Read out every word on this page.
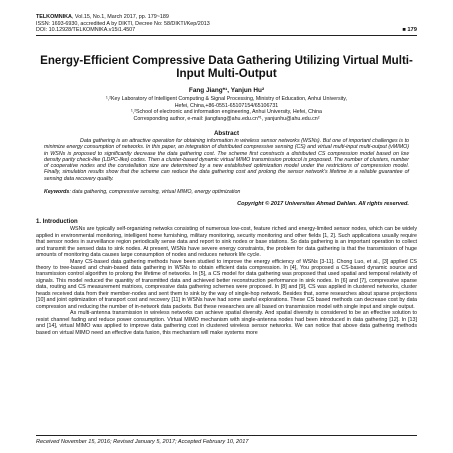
TELKOMNIKA, Vol.15, No.1, March 2017, pp. 179~189
ISSN: 1693-6930, accredited A by DIKTI, Decree No: 58/DIKTI/Kep/2013
DOI: 10.12928/TELKOMNIKA.v15i1.4507	■ 179
Energy-Efficient Compressive Data Gathering Utilizing Virtual Multi-Input Multi-Output
Fang Jiang*¹, Yanjun Hu²
¹,²Key Laboratory of Intelligent Computing & Signal Processing, Ministry of Education, Anhui University,
Hefei, China,+86-0551-65107154/65106731
¹,²School of electronic and information engineering, Anhui University, Hefei, China
Corresponding author, e-mail: jiangfang@ahu.edu.cn*¹, yanjunhu@ahu.edu.cn²
Abstract
Data gathering is an attractive operation for obtaining information in wireless sensor networks (WSNs). But one of important challenges is to minimize energy consumption of networks. In this paper, an integration of distributed compressive sensing (CS) and virtual multi-input multi-output (vMIMO) in WSNs is proposed to significantly decrease the data gathering cost. The scheme first constructs a distributed CS compression model based on low density parity check-like (LDPC-like) codes. Then a cluster-based dynamic virtual MIMO transmission protocol is proposed. The number of clusters, number of cooperative nodes and the constellation size are determined by a new established optimization model under the restrictions of compression model. Finally, simulation results show that the scheme can reduce the data gathering cost and prolong the sensor network's lifetime in a reliable guarantee of sensing data recovery quality.
Keywords: data gathering, compressive sensing, virtual MIMO, energy optimization
Copyright © 2017 Universitas Ahmad Dahlan. All rights reserved.
1. Introduction

WSNs are typically self-organizing netwoks consisting of numerous low-cost, feature riched and energy-limited sensor nodes, which can be widely applied in environmental monitoring, intelligent home furnishing, military monitoring, security monitoring and other fields [1, 2]. Such applications usually require that sensor nodes in surveillance region periodically sense data and report to sink nodes or base stations. So data gathering is an important operation to collect and transmit the sensed data to sink nodes. At present, WSNs have severe energy constraints, the problem for data gathering is that the transmission of huge amounts of monitoring data causes large consumption of nodes and reduces network life cycle.

Many CS-based data gathering methods have been studied to improve the energy efficiency of WSNs [3-11]. Chong Luo, et al., [3] applied CS theory to tree-based and chain-based data gathering in WSNs to obtain efficient data compression. In [4], You proposed a CS-based dynamic source and transmission control algorithm to prolong the lifetime of networks. In [5], a CS model for data gathering was proposed that used spatial and temporal relativity of signals. This model reduced the quantity of transmitted data and achieved better reconstruction performance in sink nodes. In [6] and [7], compressive sparse data, routing and CS measurement matrices, compressive data gathering schemes were proposed. In [8] and [9], CS was applied in clustered networks, cluster heads received data from their member-nodes and sent them to sink by the way of single-hop network. Besides that, some researches about sparse projections [10] and joint optimization of transport cost and recovery [11] in WSNs have had some useful explorations. These CS based methods can decrease cost by data compression and reducing the number of in-network data packets. But these researches are all based on transmission model with single input and single output.

As multi-antenna transmission in wireless networks can achieve spatial diversity. And spatial diversity is considered to be an effective solution to resist channel fading and reduce power consumption. Virtual MIMO mechanism with single-antenna nodes had been introduced in data gathering [12]. In [13] and [14], virtual MIMO was applied to improve data gathering cost in clustered wireless sensor networks. We can notice that above data gathering methods based on virtual MIMO need an effective data fusion, this mechanism will make systems more

Received November 15, 2016; Revised January 5, 2017; Accepted February 10, 2017
